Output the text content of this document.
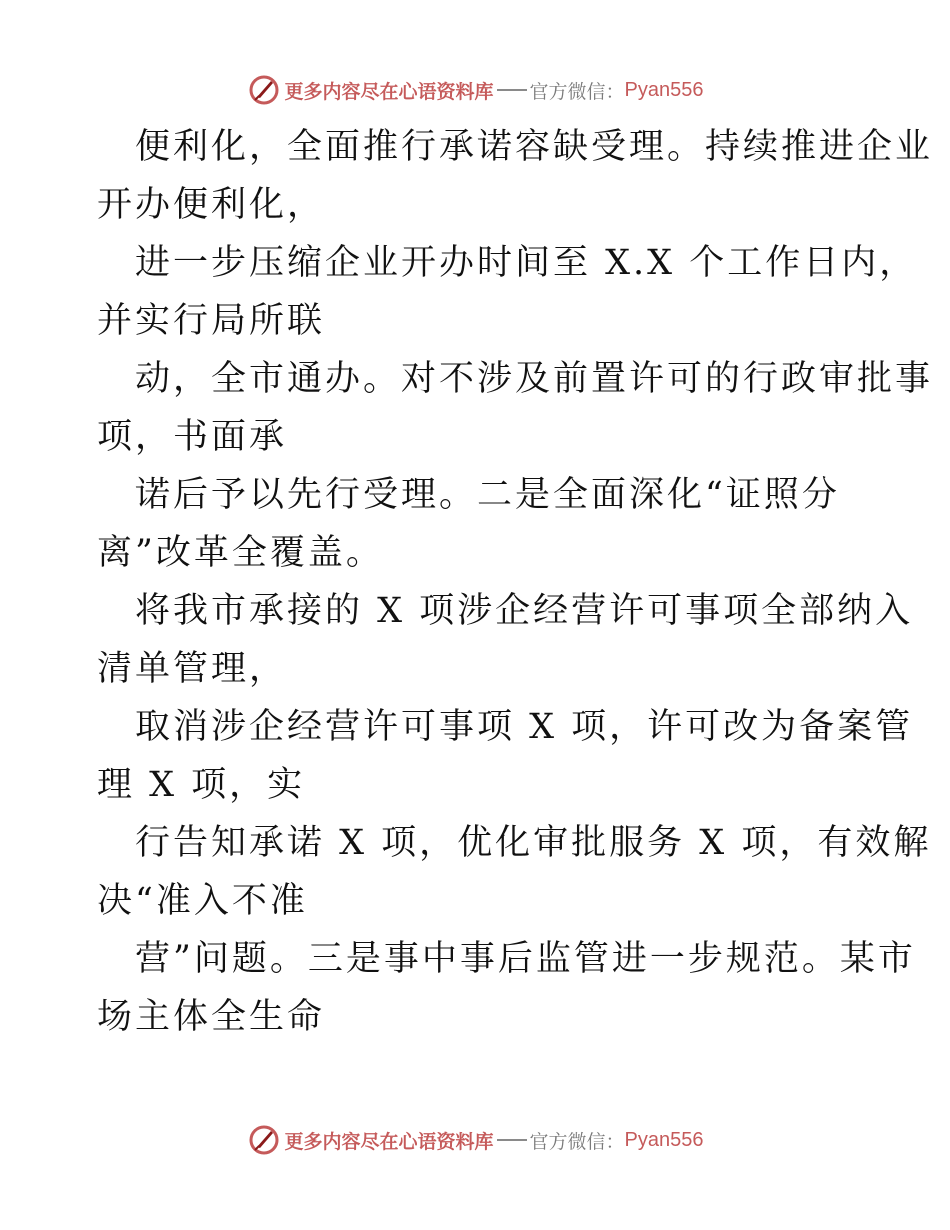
更多内容尽在心语资料库 官方微信： Pyan556
便利化，全面推行承诺容缺受理。持续推进企业
开办便利化，
进一步压缩企业开办时间至 X.X 个工作日内，
并实行局所联
动，全市通办。对不涉及前置许可的行政审批事
项，书面承
诺后予以先行受理。二是全面深化“证照分
离”改革全覆盖。
将我市承接的 X 项涉企经营许可事项全部纳入
清单管理，
取消涉企经营许可事项 X 项，许可改为备案管
理 X 项，实
行告知承诺 X 项，优化审批服务 X 项，有效解
决“准入不准
营”问题。三是事中事后监管进一步规范。某市
场主体全生命
更多内容尽在心语资料库 官方微信： Pyan556
